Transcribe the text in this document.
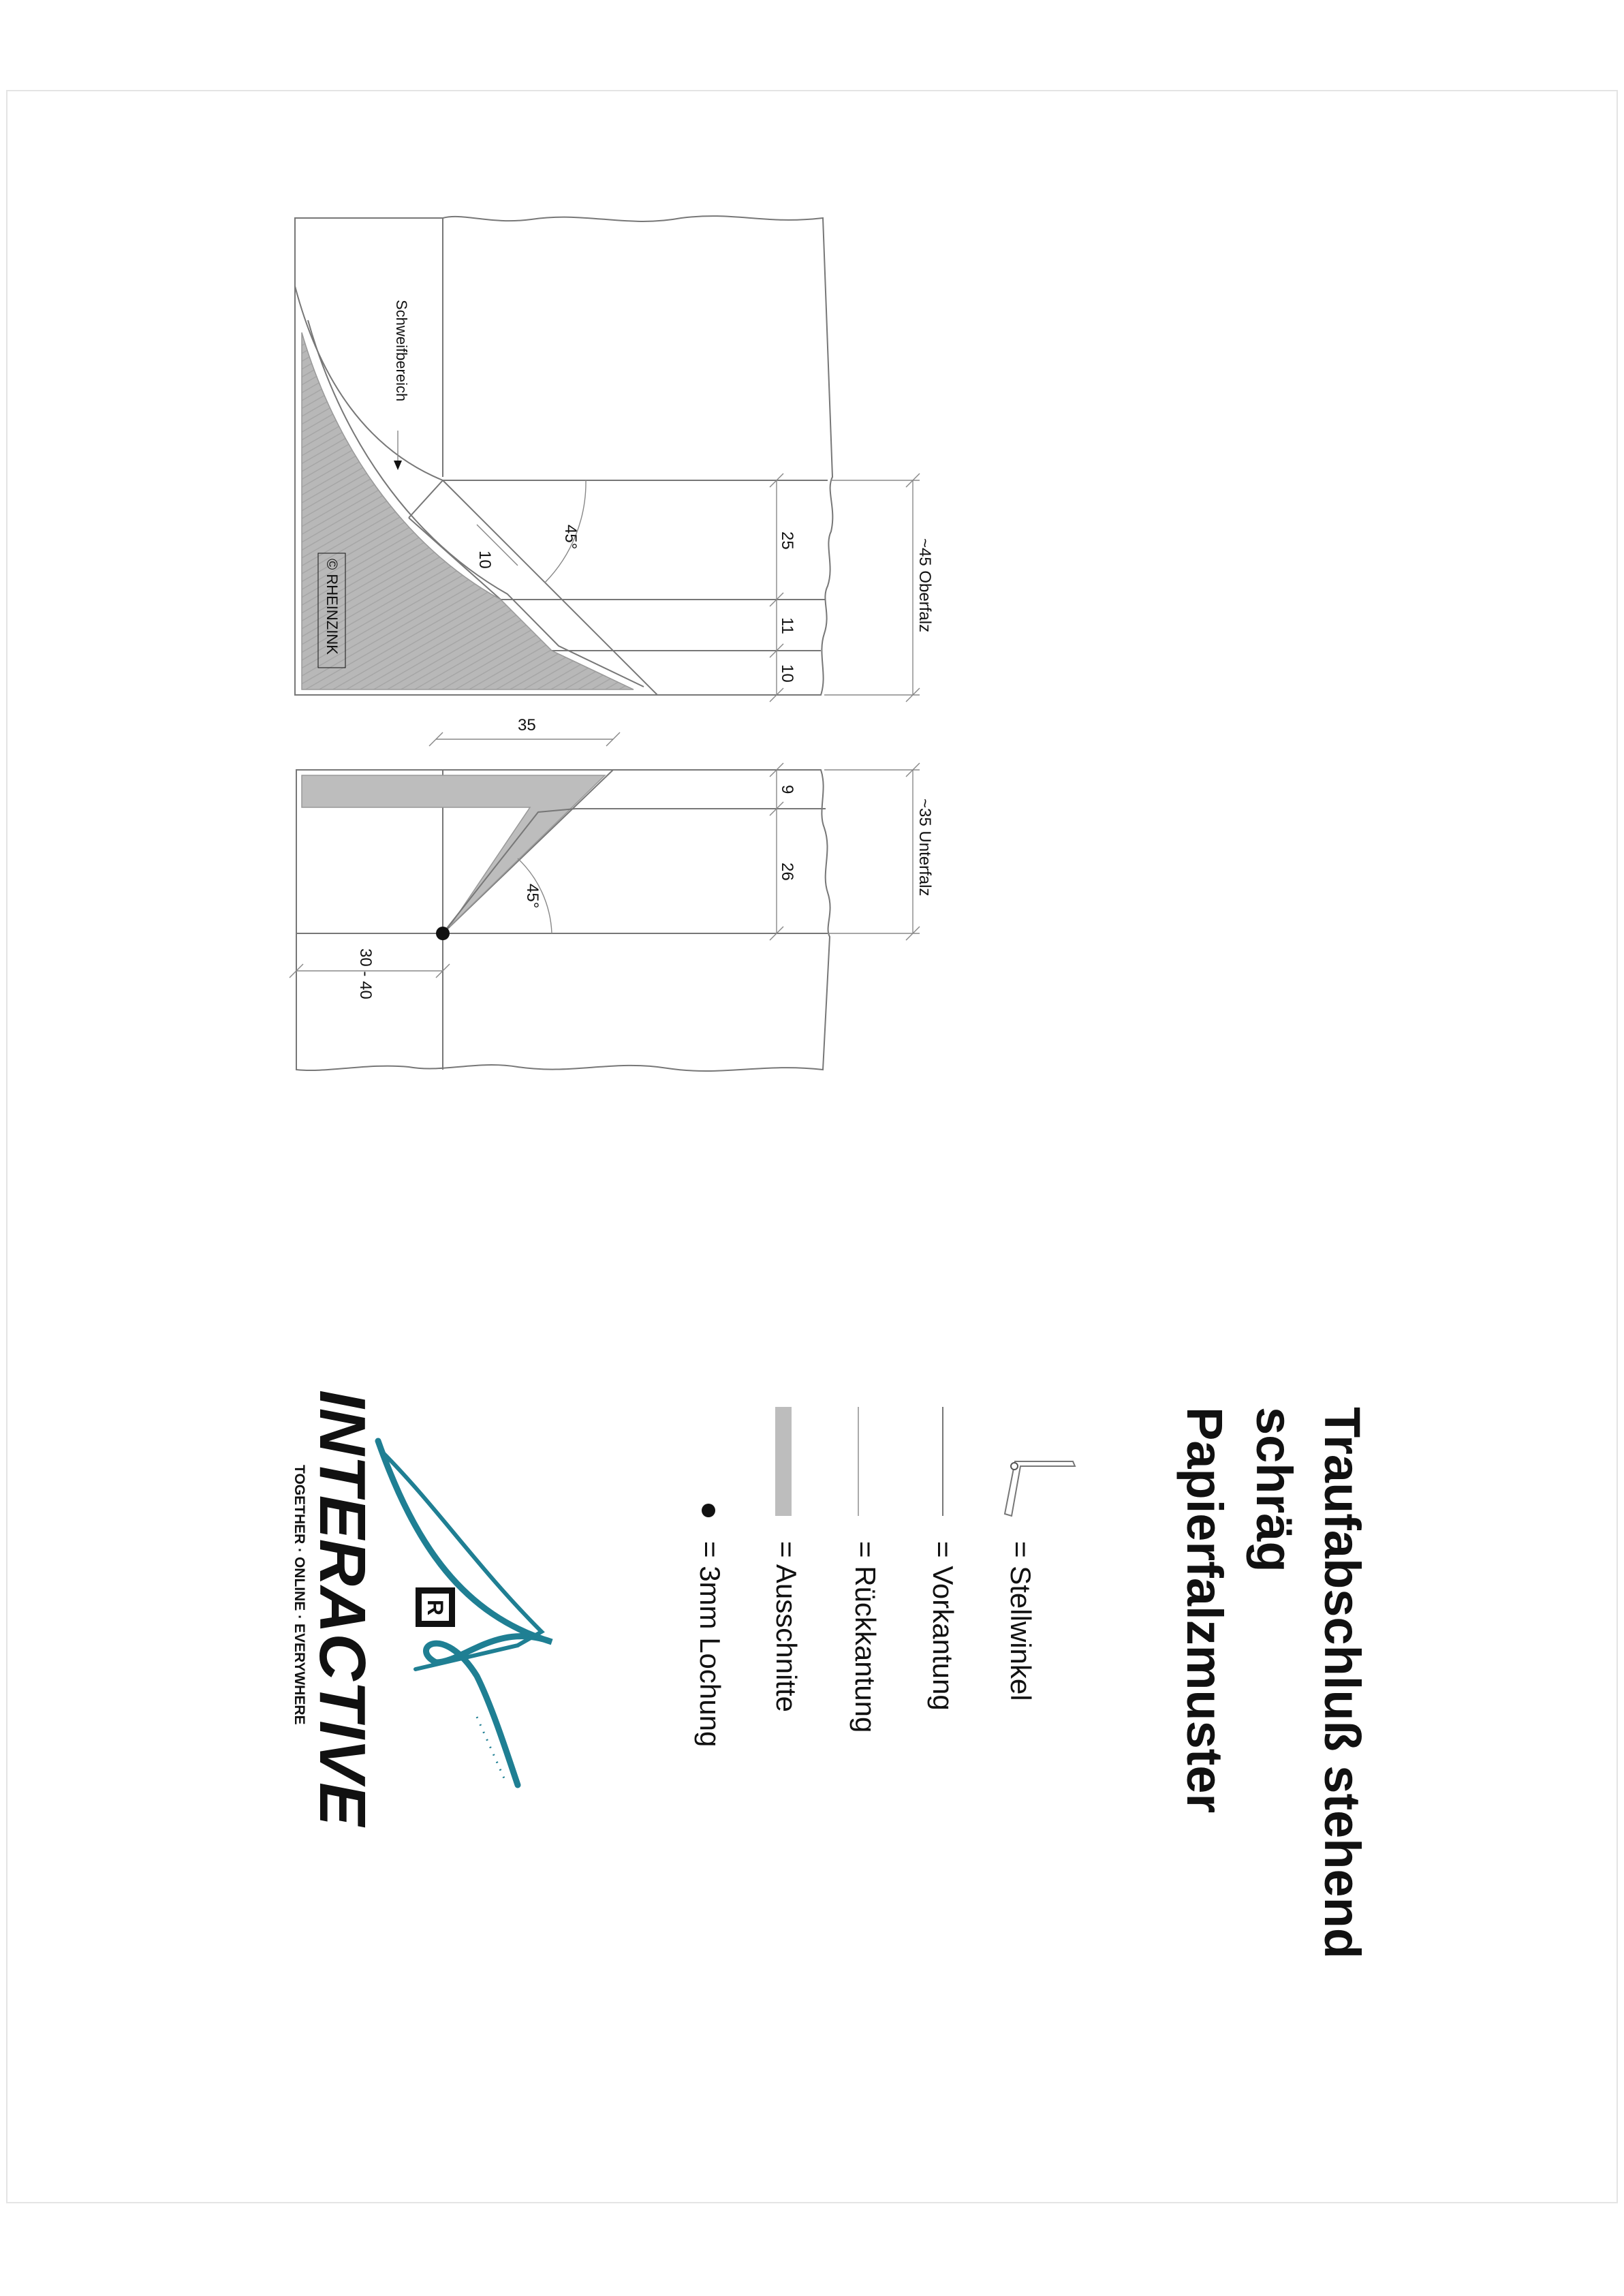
Schweifbereich
© RHEINZINK
45°
10
25
11
10
~45 Oberfalz
35
45°
9
26	~35 Unterfalz
30 - 40
Traufabschluß stehend
schräg
Papierfalzmuster
= Stellwinkel
= Vorkantung
= Rückkantung
= Ausschnitte
= 3mm Lochung
R
INTERACTIVE
TOGETHER · ONLINE · EVERYWHERE
